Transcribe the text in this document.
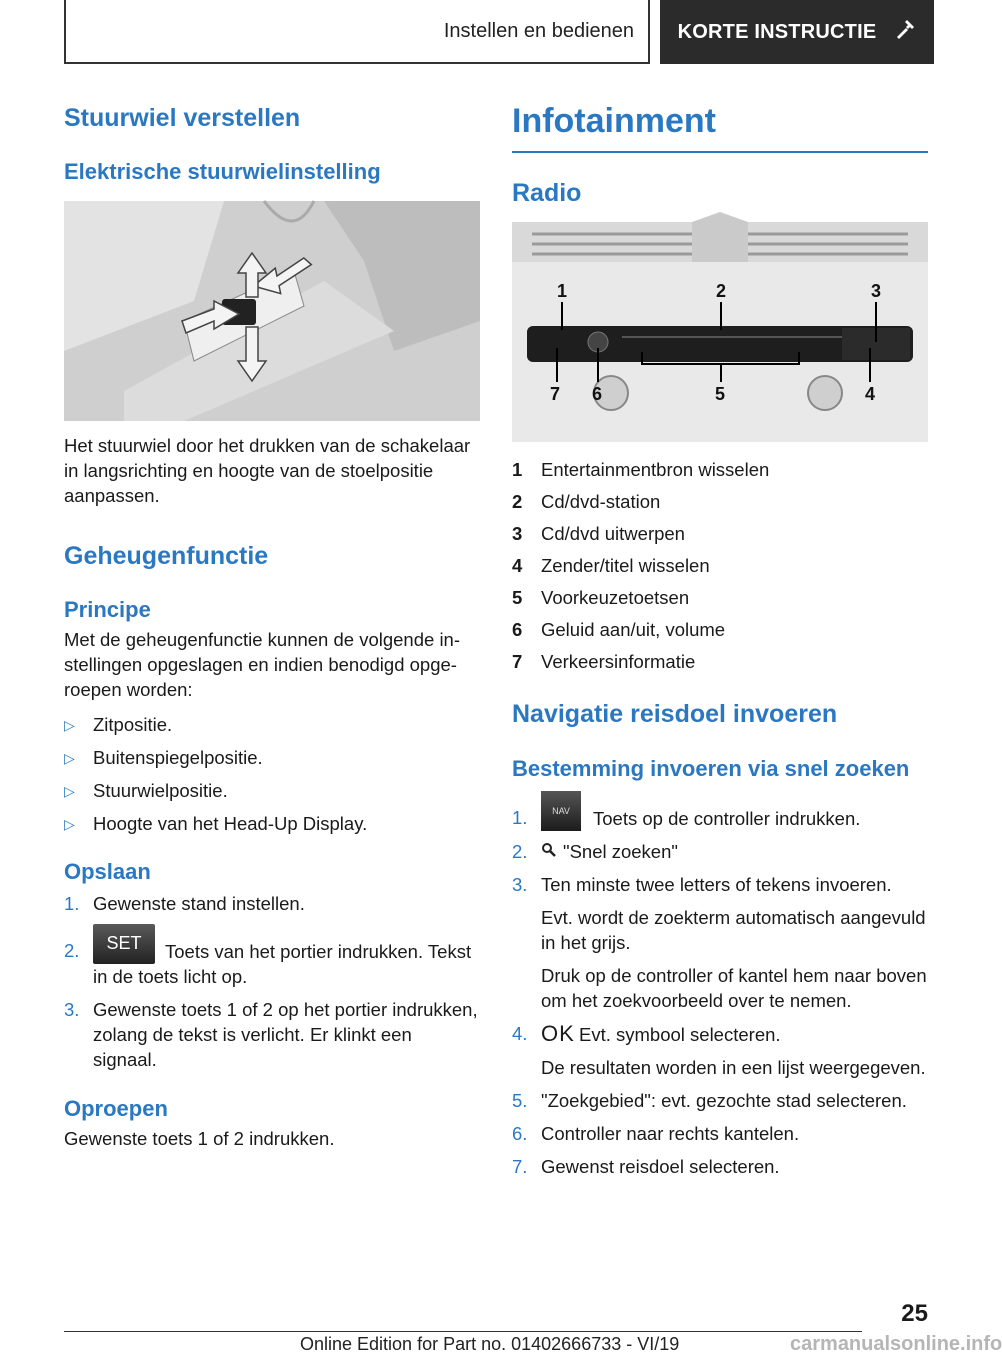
Instellen en bedienen	KORTE INSTRUCTIE
Stuurwiel verstellen
Elektrische stuurwielinstelling

Het stuurwiel door het drukken van de schakelaar in langsrichting en hoogte van de stoelpositie aanpassen.

Geheugenfunctie
Principe

Met de geheugenfunctie kunnen de volgende instellingen opgeslagen en indien benodigd opgeroepen worden:

▷ Zitpositie.
▷ Buitenspiegelpositie.
▷ Stuurwielpositie.
▷ Hoogte van het Head-Up Display.
Opslaan
1. Gewenste stand instellen.
2.	SET Toets van het portier indrukken. Tekst in de toets licht op.
3. Gewenste toets 1 of 2 op het portier indrukken, zolang de tekst is verlicht. Er klinkt een signaal.
Oproepen

Gewenste toets 1 of 2 indrukken.

Infotainment
Radio
1	2	3
7 6	5	4
1	Entertainmentbron wisselen
2	Cd/dvd-station
3	Cd/dvd uitwerpen
4	Zender/titel wisselen
5	Voorkeuzetoetsen
6	Geluid aan/uit, volume
7	Verkeersinformatie
Navigatie reisdoel invoeren
Bestemming invoeren via snel zoeken
1.	NAV Toets op de controller indrukken.
2.	"Snel zoeken"
3. Ten minste twee letters of tekens invoeren.
Evt. wordt de zoekterm automatisch aangevuld in het grijs.
Druk op de controller of kantel hem naar boven om het zoekvoorbeeld over te nemen.
4. OK Evt. symbool selecteren.
De resultaten worden in een lijst weergegeven.
5. "Zoekgebied": evt. gezochte stad selecteren.
6. Controller naar rechts kantelen.
7. Gewenst reisdoel selecteren.
25
Online Edition for Part no. 01402666733 - VI/19	carmanualsonline.info
